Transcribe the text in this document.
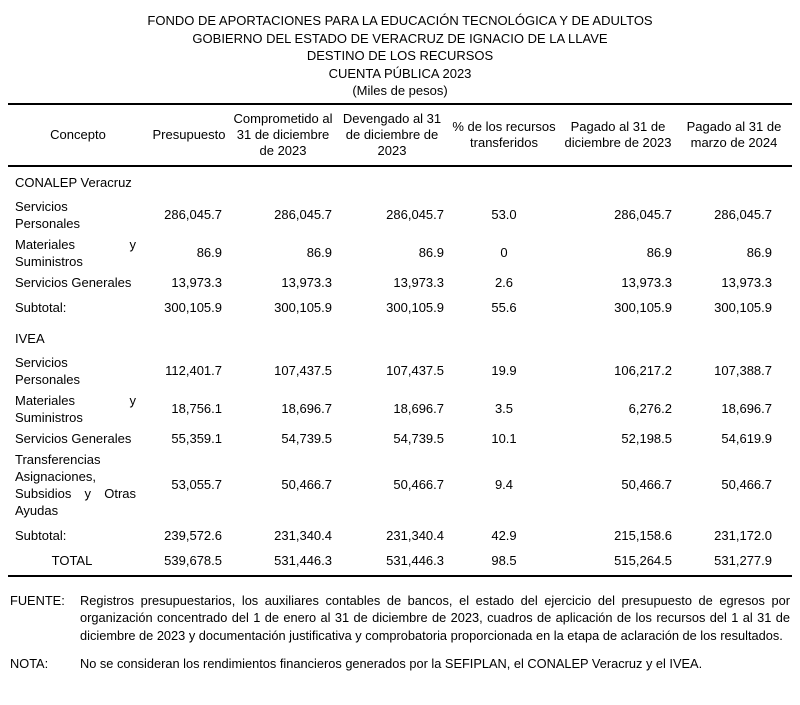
FONDO DE APORTACIONES PARA LA EDUCACIÓN TECNOLÓGICA Y DE ADULTOS
GOBIERNO DEL ESTADO DE VERACRUZ DE IGNACIO DE LA LLAVE
DESTINO DE LOS RECURSOS
CUENTA PÚBLICA 2023
(Miles de pesos)
Concepto	Presupuesto	Comprometido al 31 de diciembre de 2023	Devengado al 31 de diciembre de 2023	% de los recursos transferidos	Pagado al 31 de diciembre de 2023	Pagado al 31 de marzo de 2024
CONALEP Veracruz						
Servicios Personales	286,045.7	286,045.7	286,045.7	53.0	286,045.7	286,045.7
Materiales y Suministros	86.9	86.9	86.9	0	86.9	86.9
Servicios Generales	13,973.3	13,973.3	13,973.3	2.6	13,973.3	13,973.3
Subtotal:	300,105.9	300,105.9	300,105.9	55.6	300,105.9	300,105.9
IVEA						
Servicios Personales	112,401.7	107,437.5	107,437.5	19.9	106,217.2	107,388.7
Materiales y Suministros	18,756.1	18,696.7	18,696.7	3.5	6,276.2	18,696.7
Servicios Generales	55,359.1	54,739.5	54,739.5	10.1	52,198.5	54,619.9
Transferencias Asignaciones, Subsidios y Otras Ayudas	53,055.7	50,466.7	50,466.7	9.4	50,466.7	50,466.7
Subtotal:	239,572.6	231,340.4	231,340.4	42.9	215,158.6	231,172.0
TOTAL	539,678.5	531,446.3	531,446.3	98.5	515,264.5	531,277.9
FUENTE:	Registros presupuestarios, los auxiliares contables de bancos, el estado del ejercicio del presupuesto de egresos por organización concentrado del 1 de enero al 31 de diciembre de 2023, cuadros de aplicación de los recursos del 1 al 31 de diciembre de 2023 y documentación justificativa y comprobatoria proporcionada en la etapa de aclaración de los resultados.
NOTA:	No se consideran los rendimientos financieros generados por la SEFIPLAN, el CONALEP Veracruz y el IVEA.
